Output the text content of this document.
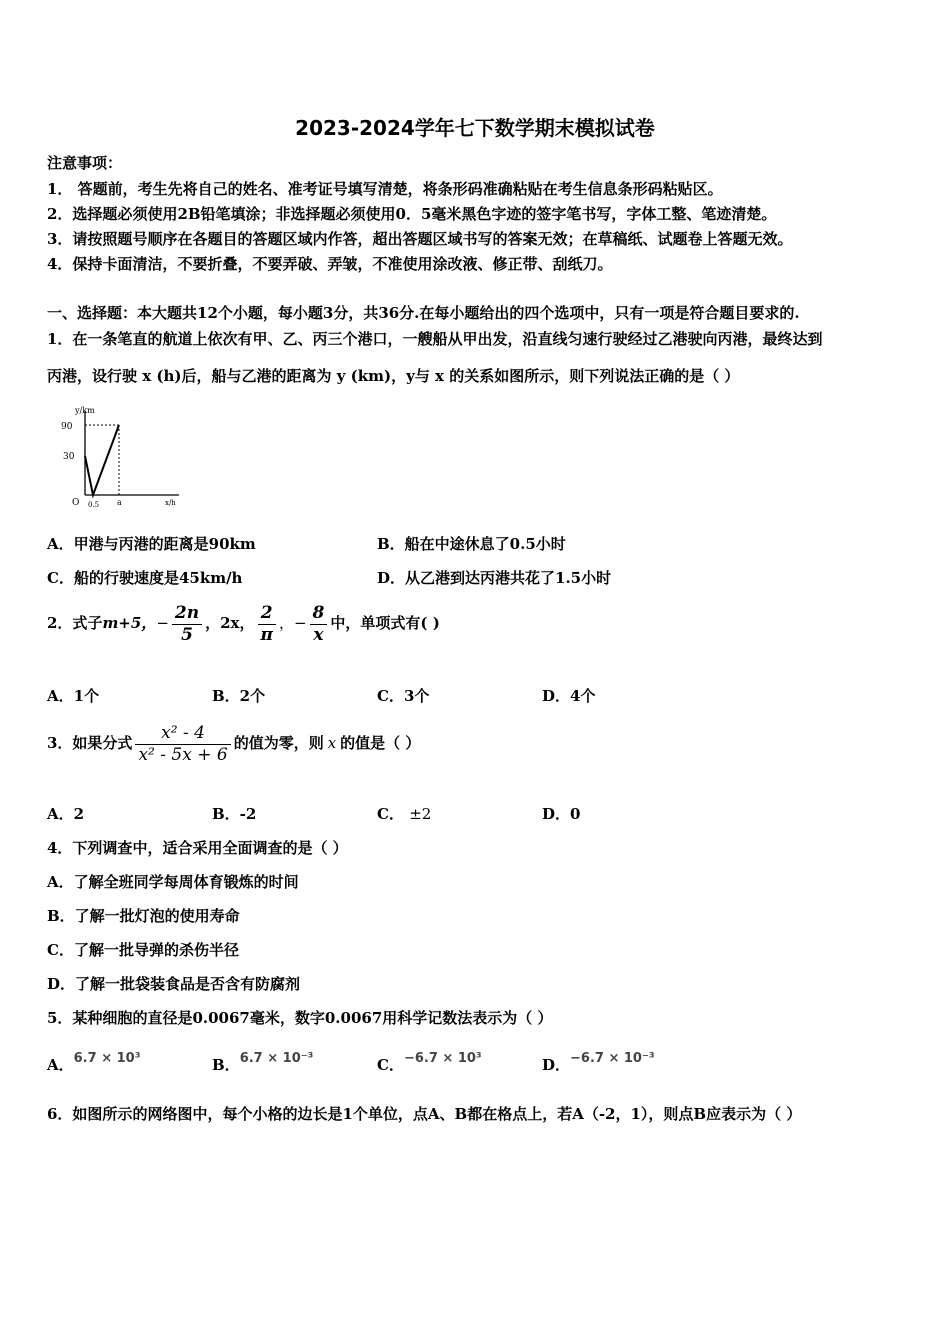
2023-2024学年七下数学期末模拟试卷
注意事项：
1． 答题前，考生先将自己的姓名、准考证号填写清楚，将条形码准确粘贴在考生信息条形码粘贴区。
2．选择题必须使用2B铅笔填涂；非选择题必须使用0．5毫米黑色字迹的签字笔书写，字体工整、笔迹清楚。
3．请按照题号顺序在各题目的答题区域内作答，超出答题区域书写的答案无效；在草稿纸、试题卷上答题无效。
4．保持卡面清洁，不要折叠，不要弄破、弄皱，不准使用涂改液、修正带、刮纸刀。
一、选择题：本大题共12个小题，每小题3分，共36分.在每小题给出的四个选项中，只有一项是符合题目要求的.
1．在一条笔直的航道上依次有甲、乙、丙三个港口，一艘船从甲出发，沿直线匀速行驶经过乙港驶向丙港，最终达到
丙港，设行驶 x (h)后，船与乙港的距离为 y (km)，y与 x 的关系如图所示，则下列说法正确的是（ ）
y/km
90
30
O 0.5 a	x/h
A．甲港与丙港的距离是90km	B．船在中途休息了0.5小时
C．船的行驶速度是45km/h	D．从乙港到达丙港共花了1.5小时
2．式子m+5，− $\frac{2n}{5}$ ，2x， $\frac{2}{\pi}$ ，− $\frac{8}{x}$ 中，单项式有( )
A．1个	B．2个	C．3个	D．4个
3．如果分式 $\frac{\text{x² - 4}}{\text{x² - 5x + 6}}$ 的值为零，则 x 的值是（ ）
A．2	B．-2	C． ±2	D．0
4．下列调查中，适合采用全面调查的是（ ）
A．了解全班同学每周体育锻炼的时间
B．了解一批灯泡的使用寿命
C．了解一批导弹的杀伤半径
D．了解一批袋装食品是否含有防腐剂
5．某种细胞的直径是0.0067毫米，数字0.0067用科学记数法表示为（ ）
A．6.7 × 10³	B．6.7 × 10⁻³	C．−6.7 × 10³	D．−6.7 × 10⁻³
6．如图所示的网络图中，每个小格的边长是1个单位，点A、B都在格点上，若A（-2，1），则点B应表示为（ ）
